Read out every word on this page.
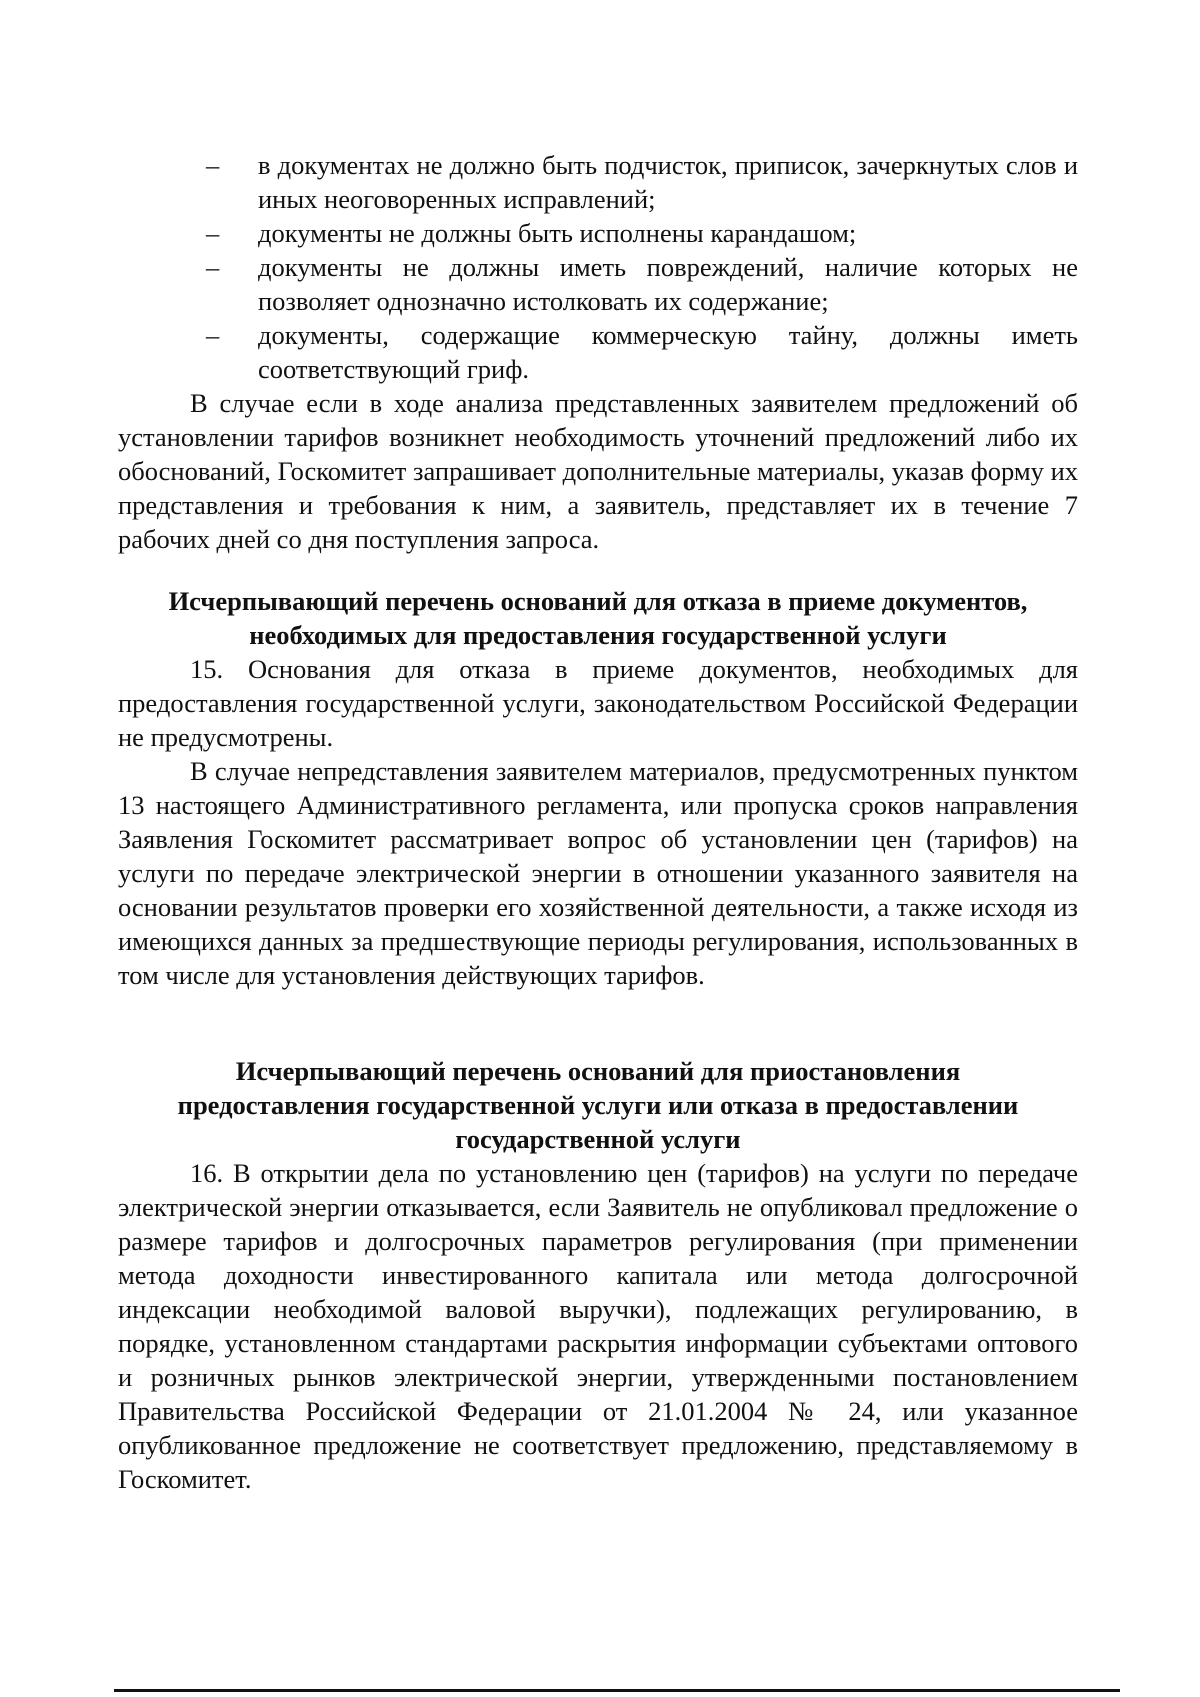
– в документах не должно быть подчисток, приписок, зачеркнутых слов и
иных неоговоренных исправлений;
– документы не должны быть исполнены карандашом;
– документы не должны иметь повреждений, наличие которых не
позволяет однозначно истолковать их содержание;
– документы, содержащие коммерческую тайну, должны иметь
соответствующий гриф.

В случае если в ходе анализа представленных заявителем предложений об установлении тарифов возникнет необходимость уточнений предложений либо их обоснований, Госкомитет запрашивает дополнительные материалы, указав форму их представления и требования к ним, а заявитель, представляет их в течение 7 рабочих дней со дня поступления запроса.

Исчерпывающий перечень оснований для отказа в приеме документов,

необходимых для предоставления государственной услуги

15. Основания для отказа в приеме документов, необходимых для предоставления государственной услуги, законодательством Российской Федерации не предусмотрены.

В случае непредставления заявителем материалов, предусмотренных пунктом 13 настоящего Административного регламента, или пропуска сроков направления Заявления Госкомитет рассматривает вопрос об установлении цен (тарифов) на услуги по передаче электрической энергии в отношении указанного заявителя на основании результатов проверки его хозяйственной деятельности, а также исходя из имеющихся данных за предшествующие периоды регулирования, использованных в том числе для установления действующих тарифов.

Исчерпывающий перечень оснований для приостановления

предоставления государственной услуги или отказа в предоставлении

государственной услуги

16. В открытии дела по установлению цен (тарифов) на услуги по передаче электрической энергии отказывается, если Заявитель не опубликовал предложение о размере тарифов и долгосрочных параметров регулирования (при применении метода доходности инвестированного капитала или метода долгосрочной индексации необходимой валовой выручки), подлежащих регулированию, в порядке, установленном стандартами раскрытия информации субъектами оптового и розничных рынков электрической энергии, утвержденными постановлением Правительства Российской Федерации от 21.01.2004 № 24, или указанное опубликованное предложение не соответствует предложению, представляемому в Госкомитет.
